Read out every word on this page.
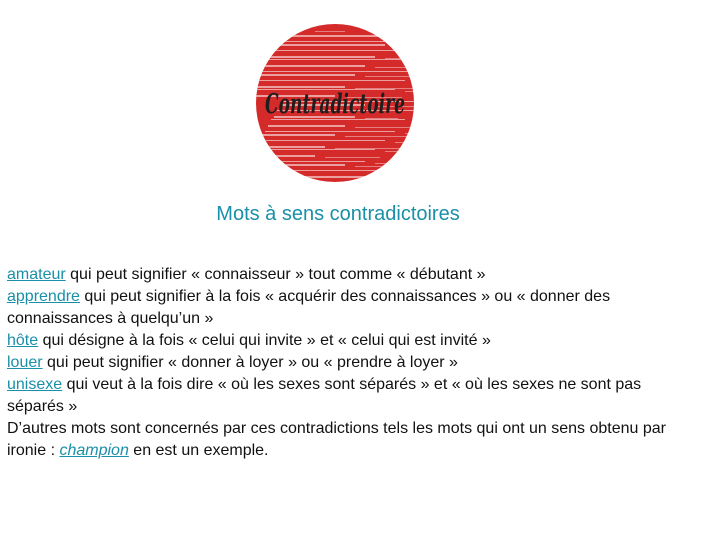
Contradictoire
Mots à sens contradictoires

amateur qui peut signifier « connaisseur » tout comme « débutant »

apprendre qui peut signifier à la fois « acquérir des connaissances » ou « donner des connaissances à quelqu’un »

hôte qui désigne à la fois « celui qui invite » et « celui qui est invité »

louer qui peut signifier « donner à loyer » ou « prendre à loyer »

unisexe qui veut à la fois dire « où les sexes sont séparés » et « où les sexes ne sont pas séparés »

D’autres mots sont concernés par ces contradictions tels les mots qui ont un sens obtenu par ironie : champion en est un exemple.
